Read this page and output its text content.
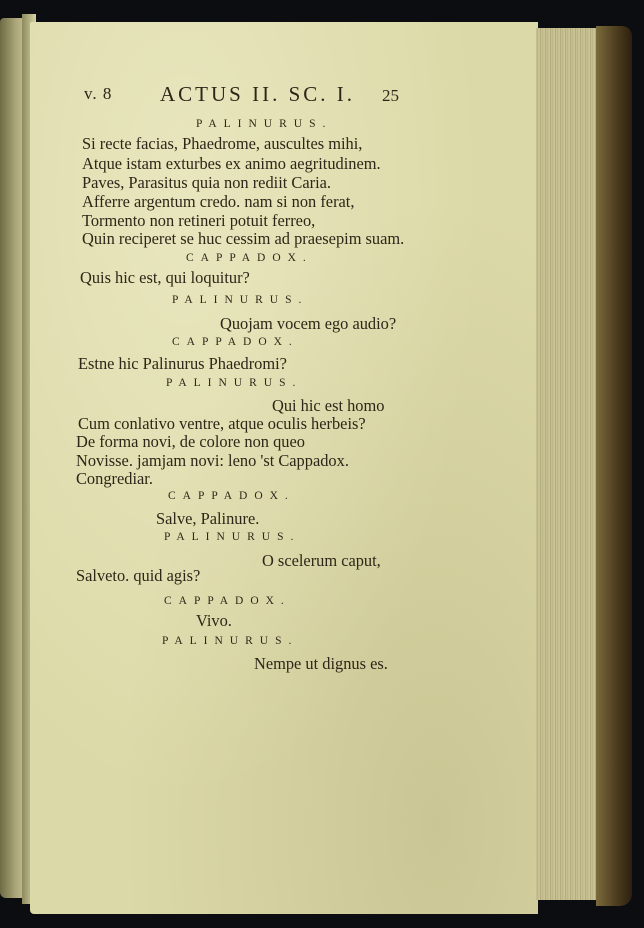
v. 8 ACTUS II. SC. I. 25
PALINURUS.
Si recte facias, Phaedrome, auscultes mihi,
Atque istam exturbes ex animo aegritudinem.
Paves, Parasitus quia non rediit Caria.
Afferre argentum credo. nam si non ferat,
Tormento non retineri potuit ferreo,
Quin reciperet se huc cessim ad praesepim suam.
CAPPADOX.
Quis hic est, qui loquitur?
PALINURUS.
Quojam vocem ego audio?
CAPPADOX.
Estne hic Palinurus Phaedromi?
PALINURUS.
Qui hic est homo
Cum conlativo ventre, atque oculis herbeis?
De forma novi, de colore non queo
Novisse. jamjam novi: leno 'st Cappadox.
Congrediar.
CAPPADOX.
Salve, Palinure.
PALINURUS.
O scelerum caput,
Salveto. quid agis?
CAPPADOX.
Vivo.
PALINURUS.
Nempe ut dignus es.
